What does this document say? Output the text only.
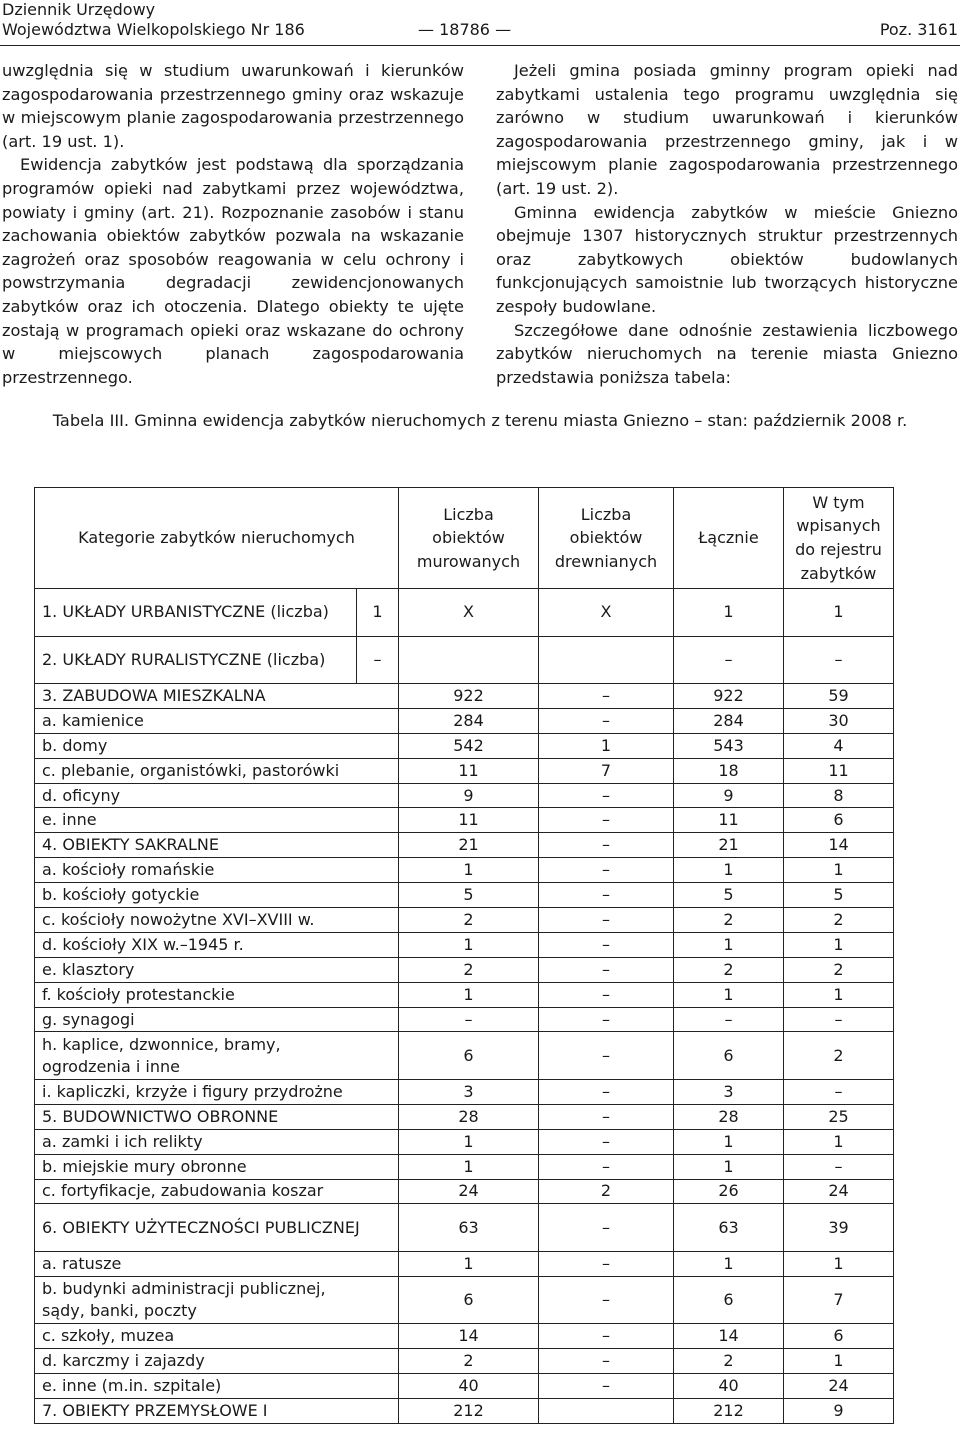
Dziennik Urzędowy
Województwa Wielkopolskiego Nr 186	— 18786 —	Poz. 3161

uwzględnia się w studium uwarunkowań i kierunków zagospodarowania przestrzennego gminy oraz wskazuje w miejscowym planie zagospodarowania przestrzennego (art. 19 ust. 1).

Ewidencja zabytków jest podstawą dla sporządzania programów opieki nad zabytkami przez województwa, powiaty i gminy (art. 21). Rozpoznanie zasobów i stanu zachowania obiektów zabytków pozwala na wskazanie zagrożeń oraz sposobów reagowania w celu ochrony i powstrzymania degradacji zewidencjonowanych zabytków oraz ich otoczenia. Dlatego obiekty te ujęte zostają w programach opieki oraz wskazane do ochrony w miejscowych planach zagospodarowania przestrzennego.

Jeżeli gmina posiada gminny program opieki nad zabytkami ustalenia tego programu uwzględnia się zarówno w studium uwarunkowań i kierunków zagospodarowania przestrzennego gminy, jak i w miejscowym planie zagospodarowania przestrzennego (art. 19 ust. 2).

Gminna ewidencja zabytków w mieście Gniezno obejmuje 1307 historycznych struktur przestrzennych oraz zabytkowych obiektów budowlanych funkcjonujących samoistnie lub tworzących historyczne zespoły budowlane.

Szczegółowe dane odnośnie zestawienia liczbowego zabytków nieruchomych na terenie miasta Gniezno przedstawia poniższa tabela:

Tabela III. Gminna ewidencja zabytków nieruchomych z terenu miasta Gniezno – stan: październik 2008 r.
Kategorie zabytków nieruchomych		Liczba obiektów murowanych	Liczba obiektów drewnianych	Łącznie	W tym wpisanych do rejestru zabytków

1. UKŁADY URBANISTYCZNE (liczba)	1	X	X	1	1

2. UKŁADY RURALISTYCZNE (liczba)	–			–	–
3. ZABUDOWA MIESZKALNA		922	–	922	59
a. kamienice		284	–	284	30
b. domy		542	1	543	4
c. plebanie, organistówki, pastorówki		11	7	18	11
d. oficyny		9	–	9	8
e. inne		11	–	11	6
4. OBIEKTY SAKRALNE		21	–	21	14
a. kościoły romańskie		1	–	1	1
b. kościoły gotyckie		5	–	5	5
c. kościoły nowożytne XVI–XVIII w.		2	–	2	2
d. kościoły XIX w.–1945 r.		1	–	1	1
e. klasztory		2	–	2	2
f. kościoły protestanckie		1	–	1	1
g. synagogi		–	–	–	–

h. kaplice, dzwonnice, bramy, ogrodzenia i inne		6	–	6	2
i. kapliczki, krzyże i figury przydrożne		3	–	3	–
5. BUDOWNICTWO OBRONNE		28	–	28	25
a. zamki i ich relikty		1	–	1	1
b. miejskie mury obronne		1	–	1	–
c. fortyfikacje, zabudowania koszar		24	2	26	24

6. OBIEKTY UŻYTECZNOŚCI PUBLICZNEJ		63	–	63	39
a. ratusze		1	–	1	1

b. budynki administracji publicznej, sądy, banki, poczty		6	–	6	7
c. szkoły, muzea		14	–	14	6
d. karczmy i zajazdy		2	–	2	1
e. inne (m.in. szpitale)		40	–	40	24
7. OBIEKTY PRZEMYSŁOWE I		212		212	9
